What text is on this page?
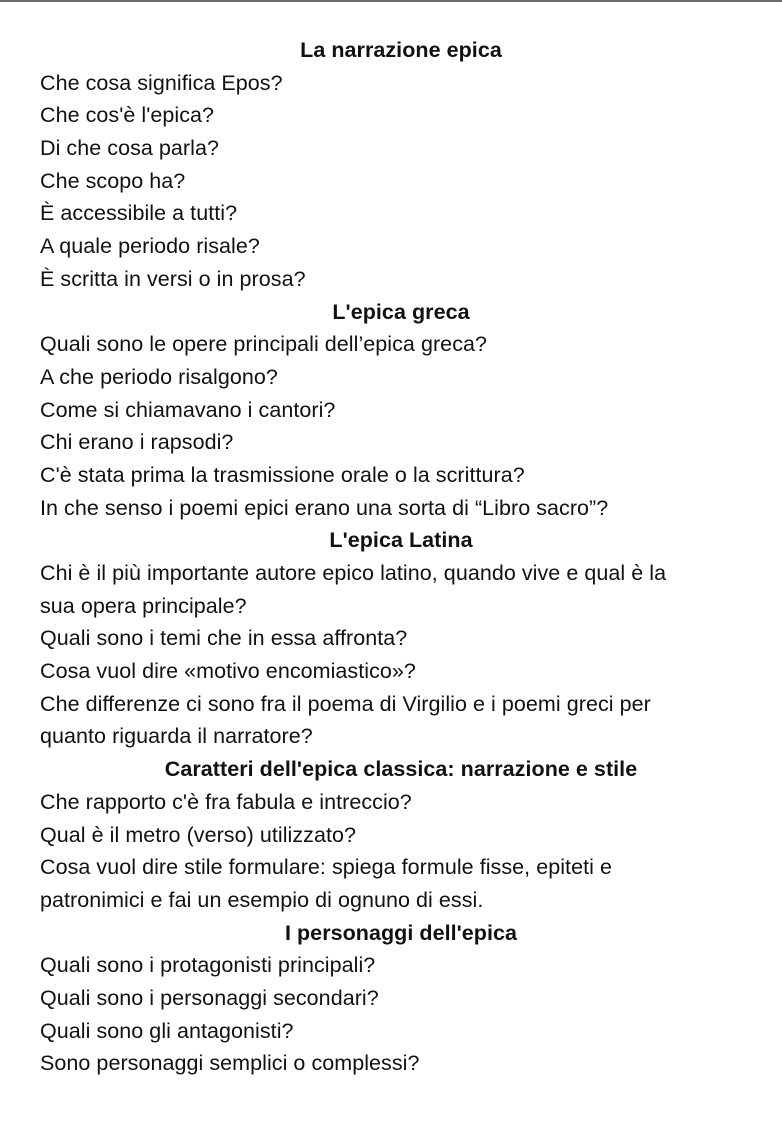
La narrazione epica
Che cosa significa Epos?
Che cos'è l'epica?
Di che cosa parla?
Che scopo ha?
È accessibile a tutti?
A quale periodo risale?
È scritta in versi o in prosa?
L'epica greca
Quali sono le opere principali dell’epica greca?
A che periodo risalgono?
Come si chiamavano i cantori?
Chi erano i rapsodi?
C'è stata prima la trasmissione orale o la scrittura?
In che senso i poemi epici erano una sorta di “Libro sacro”?
L'epica Latina
Chi è il più importante autore epico latino, quando vive e qual è la
sua opera principale?
Quali sono i temi che in essa affronta?
Cosa vuol dire «motivo encomiastico»?
Che differenze ci sono fra il poema di Virgilio e i poemi greci per
quanto riguarda il narratore?
Caratteri dell'epica classica: narrazione e stile
Che rapporto c'è fra fabula e intreccio?
Qual è il metro (verso) utilizzato?
Cosa vuol dire stile formulare: spiega formule fisse, epiteti e
patronimici e fai un esempio di ognuno di essi.
I personaggi dell'epica
Quali sono i protagonisti principali?
Quali sono i personaggi secondari?
Quali sono gli antagonisti?
Sono personaggi semplici o complessi?
